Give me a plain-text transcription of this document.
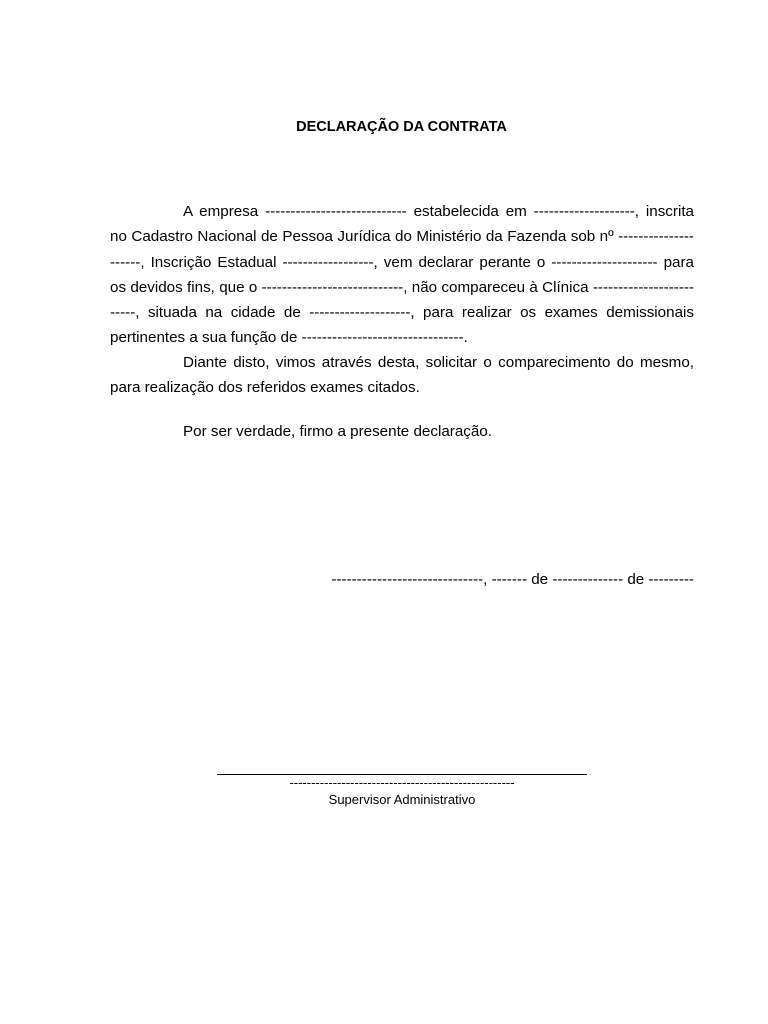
DECLARAÇÃO DA CONTRATA
A empresa ---------------------------- estabelecida em --------------------, inscrita no Cadastro Nacional de Pessoa Jurídica do Ministério da Fazenda sob nº ---------------------, Inscrição Estadual ------------------, vem declarar perante o --------------------- para os devidos fins, que o ----------------------------, não compareceu à Clínica -------------------------, situada na cidade de --------------------, para realizar os exames demissionais pertinentes a sua função de --------------------------------.
Diante disto, vimos através desta, solicitar o comparecimento do mesmo, para realização dos referidos exames citados.
Por ser verdade, firmo a presente declaração.
------------------------------, ------- de -------------- de ---------
----------------------------------------------------
Supervisor Administrativo
